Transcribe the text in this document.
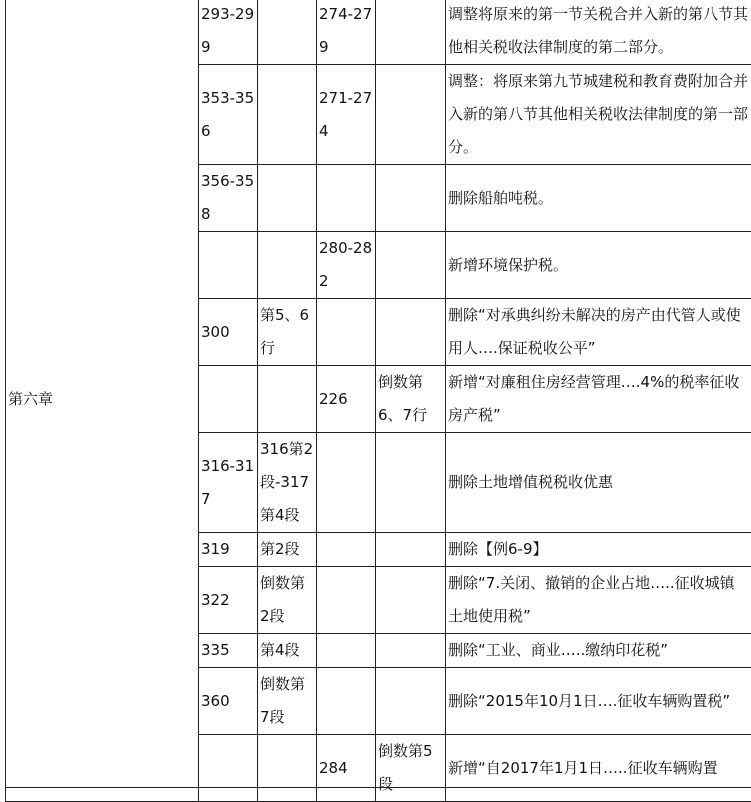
第六章	293-299		274-279		调整将原来的第一节关税合并入新的第八节其他相关税收法律制度的第二部分。
	353-356		271-274		调整：将原来第九节城建税和教育费附加合并入新的第八节其他相关税收法律制度的第一部分。
	356-358				删除船舶吨税。
			280-282		新增环境保护税。
	300	第5、6行			删除“对承典纠纷未解决的房产由代管人或使用人….保证税收公平”
			226	倒数第6、7行	新增“对廉租住房经营管理….4%的税率征收房产税”
	316-317	316第2段-317第4段			删除土地增值税税收优惠
	319	第2段			删除【例6-9】
	322	倒数第2段			删除“7.关闭、撤销的企业占地…..征收城镇土地使用税”
	335	第4段			删除“工业、商业…..缴纳印花税”
	360	倒数第7段			删除“2015年10月1日….征收车辆购置税”
			284	倒数第5段	新增“自2017年1月1日…..征收车辆购置
